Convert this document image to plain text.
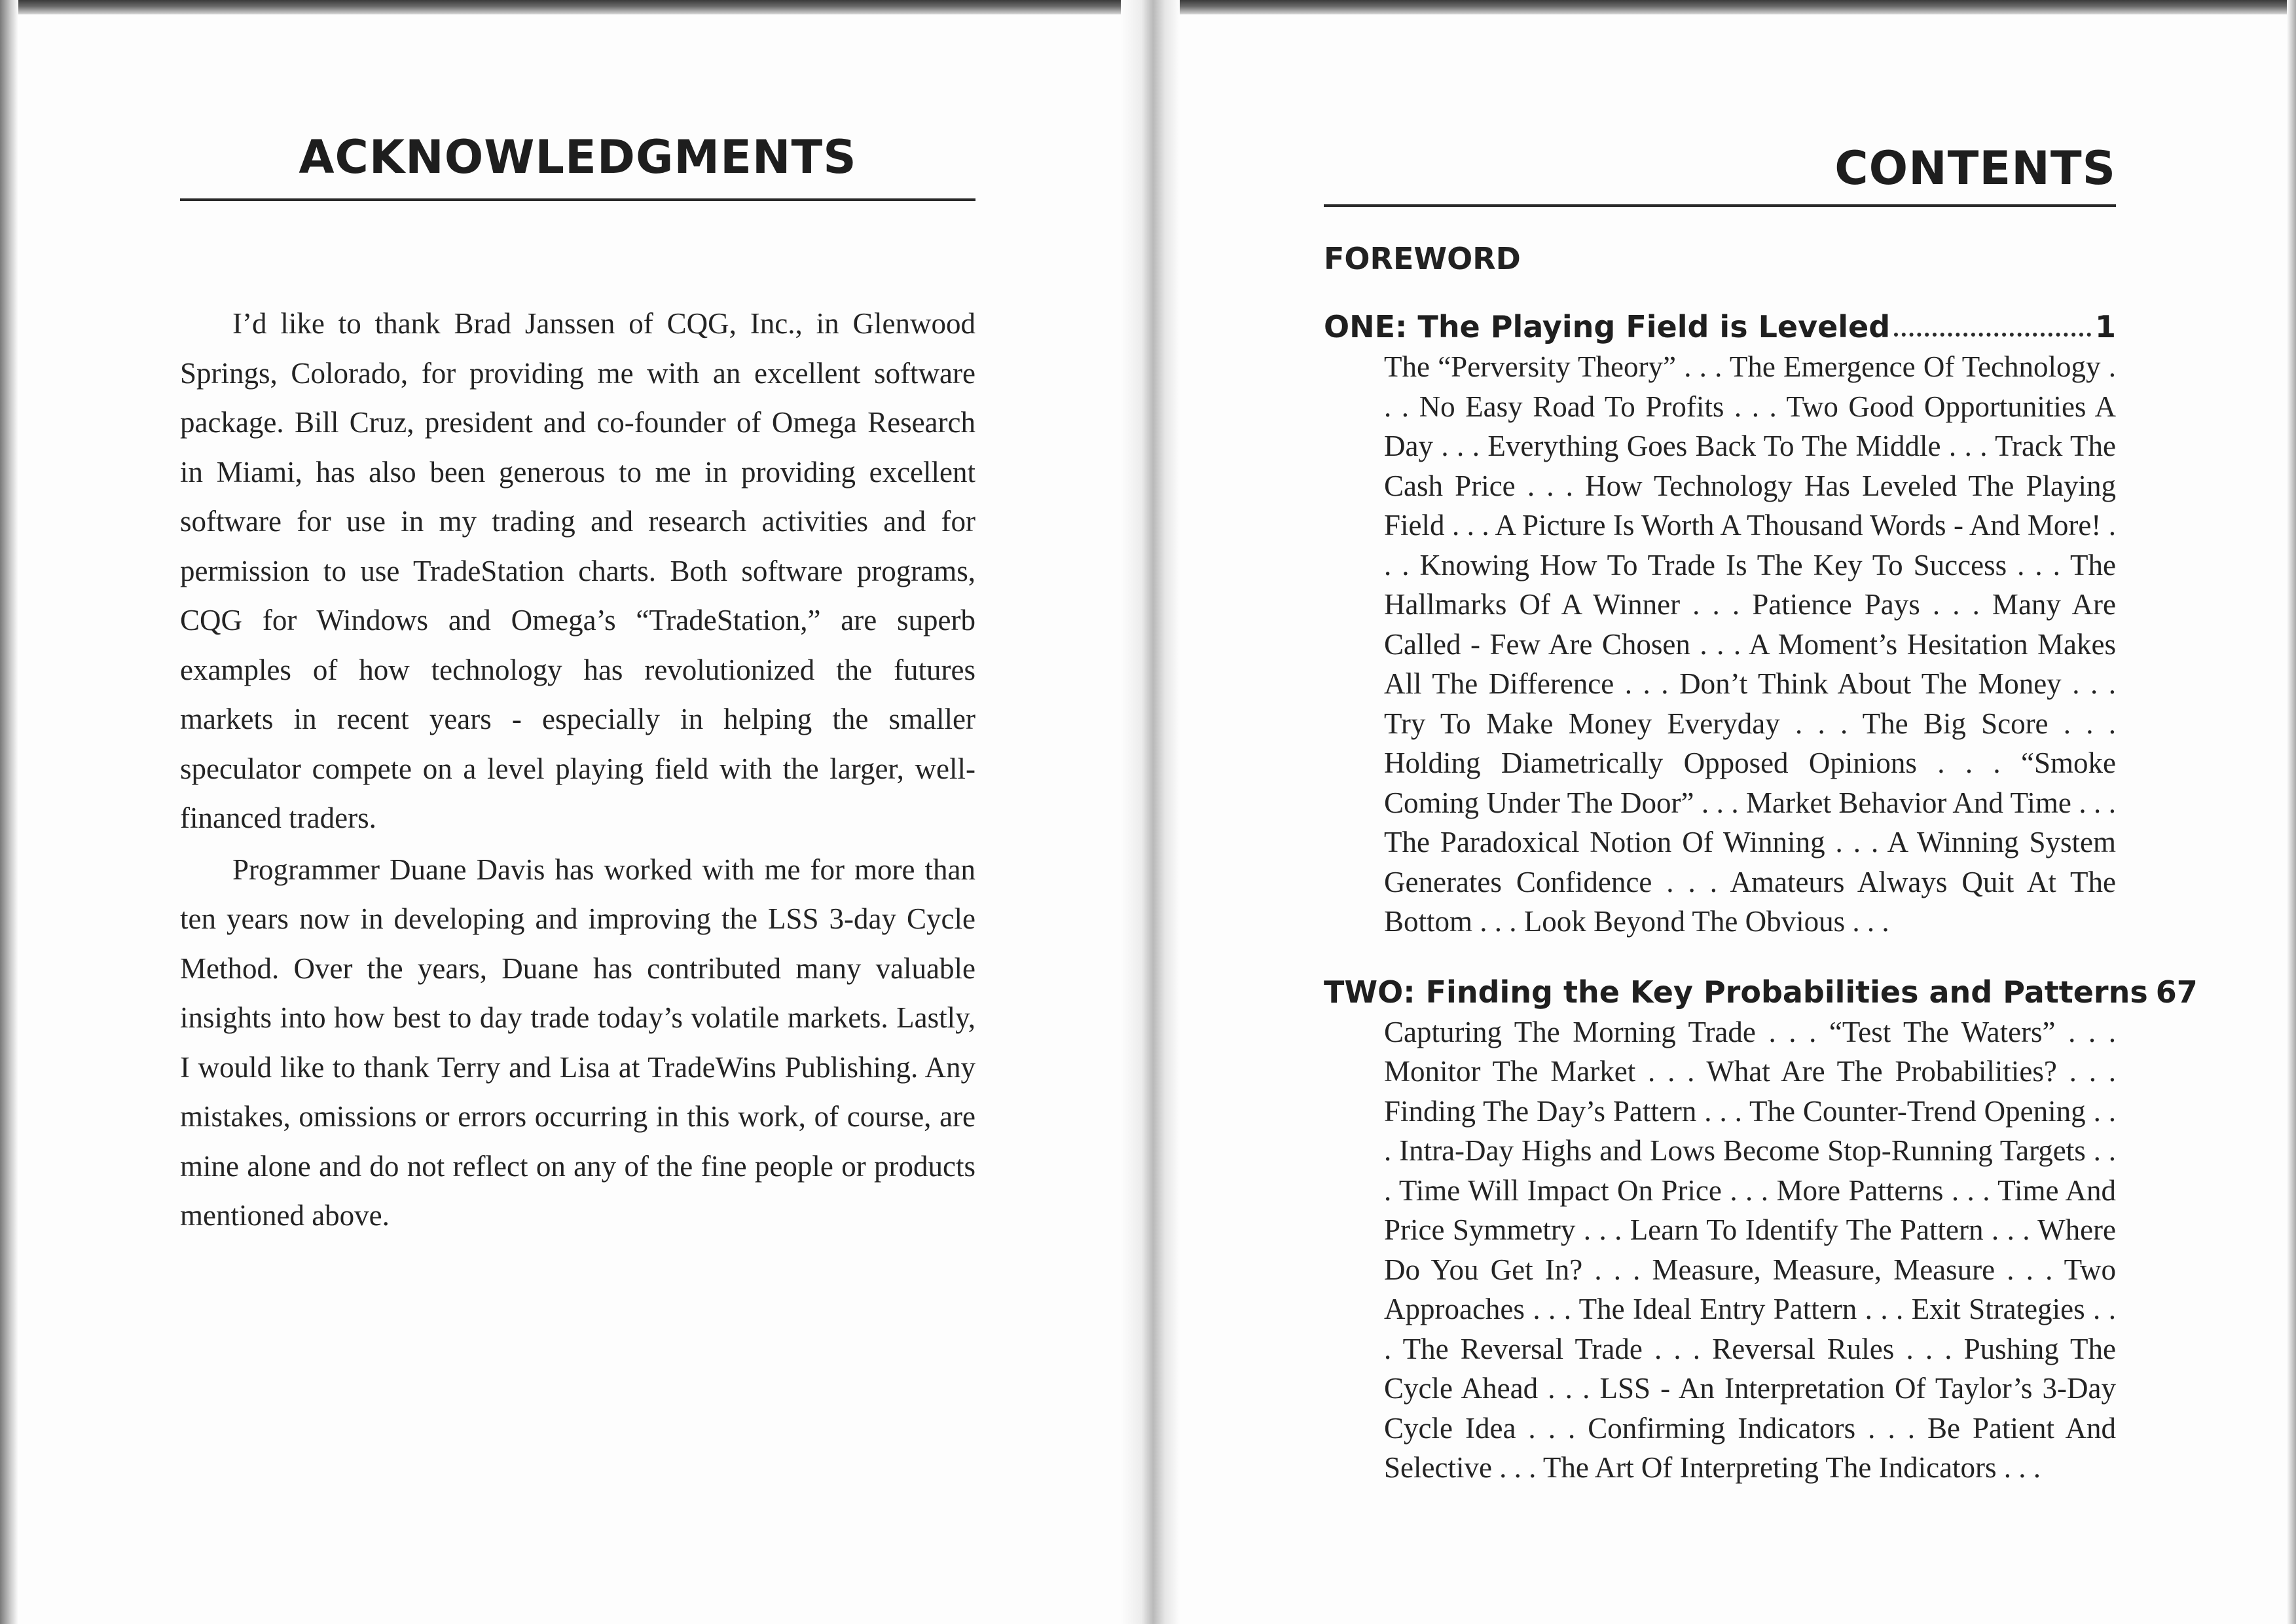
ACKNOWLEDGMENTS

I’d like to thank Brad Janssen of CQG, Inc., in Glenwood Springs, Colorado, for providing me with an excellent software package. Bill Cruz, president and co-founder of Omega Research in Miami, has also been generous to me in providing excellent software for use in my trading and research activities and for permission to use TradeStation charts. Both software programs, CQG for Windows and Omega’s “TradeStation,” are superb examples of how technology has revolutionized the futures markets in recent years - especially in helping the smaller speculator compete on a level playing field with the larger, well-financed traders.

Programmer Duane Davis has worked with me for more than ten years now in developing and improving the LSS 3-day Cycle Method. Over the years, Duane has contributed many valuable insights into how best to day trade today’s volatile markets. Lastly, I would like to thank Terry and Lisa at TradeWins Publishing. Any mistakes, omissions or errors occurring in this work, of course, are mine alone and do not reflect on any of the fine people or products mentioned above.

CONTENTS
FOREWORD
ONE: The Playing Field is Leveled	1
The “Perversity Theory” . . . The Emergence Of Technology . . . No Easy Road To Profits . . . Two Good Opportunities A Day . . . Everything Goes Back To The Middle . . . Track The Cash Price . . . How Technology Has Leveled The Playing Field . . . A Picture Is Worth A Thousand Words - And More! . . . Knowing How To Trade Is The Key To Success . . . The Hallmarks Of A Winner . . . Patience Pays . . . Many Are Called - Few Are Chosen . . . A Moment’s Hesitation Makes All The Difference . . . Don’t Think About The Money . . . Try To Make Money Everyday . . . The Big Score . . . Holding Diametrically Opposed Opinions . . . “Smoke Coming Under The Door” . . . Market Behavior And Time . . . The Paradoxical Notion Of Winning . . . A Winning System Generates Confidence . . . Amateurs Always Quit At The Bottom . . . Look Beyond The Obvious . . .
TWO: Finding the Key Probabilities and Patterns 67
Capturing The Morning Trade . . . “Test The Waters” . . . Monitor The Market . . . What Are The Probabilities? . . . Finding The Day’s Pattern . . . The Counter-Trend Opening . . . Intra-Day Highs and Lows Become Stop-Running Targets . . . Time Will Impact On Price . . . More Patterns . . . Time And Price Symmetry . . . Learn To Identify The Pattern . . . Where Do You Get In? . . . Measure, Measure, Measure . . . Two Approaches . . . The Ideal Entry Pattern . . . Exit Strategies . . . The Reversal Trade . . . Reversal Rules . . . Pushing The Cycle Ahead . . . LSS - An Interpretation Of Taylor’s 3-Day Cycle Idea . . . Confirming Indicators . . . Be Patient And Selective . . . The Art Of Interpreting The Indicators . . .
